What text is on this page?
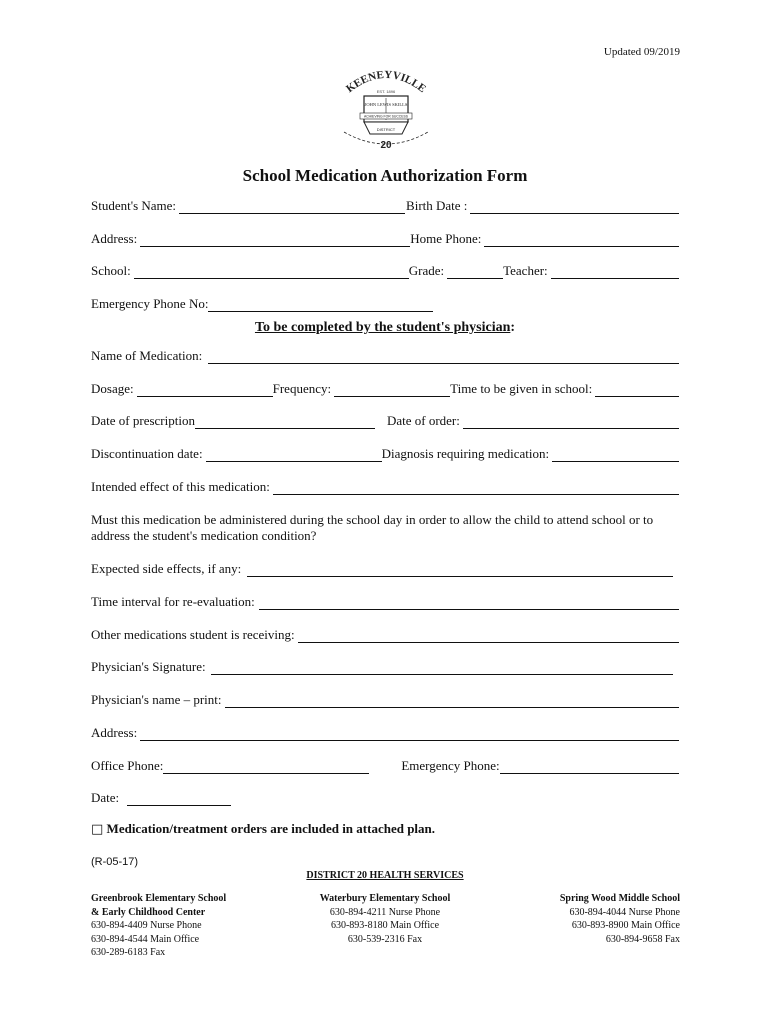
Updated 09/2019
KEENEYVILLE
EST. 1896
JOHN LEWIS SKILLS
ACHIEVING FOR SUCCESS
DISTRICT
20
School Medication Authorization Form
Student's Name:	Birth Date :
Address:	Home Phone:
School:	Grade:	Teacher:
Emergency Phone No:
To be completed by the student's physician:
Name of Medication:
Dosage:	Frequency:	Time to be given in school:
Date of prescription	Date of order:
Discontinuation date:	Diagnosis requiring medication:
Intended effect of this medication:
Must this medication be administered during the school day in order to allow the child to attend school or to address the student's medication condition?
Expected side effects, if any:
Time interval for re-evaluation:
Other medications student is receiving:
Physician's Signature:
Physician's name – print:
Address:
Office Phone:	Emergency Phone:
Date:
□ Medication/treatment orders are included in attached plan.
(R-05-17)
DISTRICT 20 HEALTH SERVICES
Greenbrook Elementary School
& Early Childhood Center
630-894-4409 Nurse Phone
630-894-4544 Main Office
630-289-6183 Fax
Waterbury Elementary School
630-894-4211 Nurse Phone
630-893-8180 Main Office
630-539-2316 Fax
Spring Wood Middle School
630-894-4044 Nurse Phone
630-893-8900 Main Office
630-894-9658 Fax
